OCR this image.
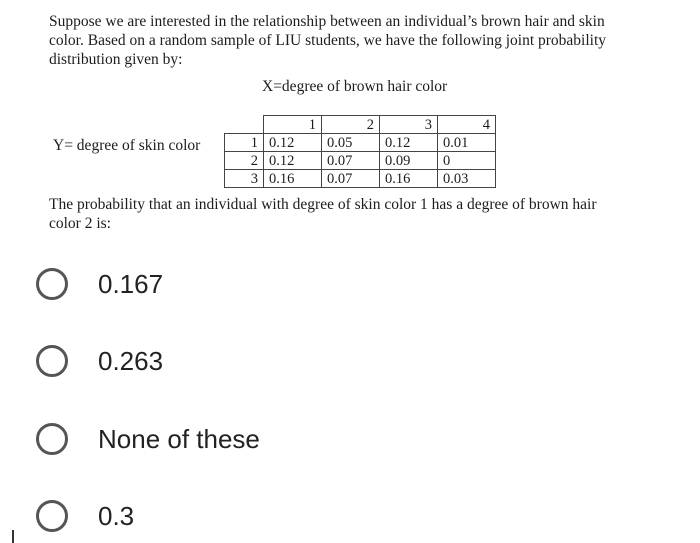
Suppose we are interested in the relationship between an individual’s brown hair and skin color. Based on a random sample of LIU students, we have the following joint probability distribution given by:

X=degree of brown hair color
Y= degree of skin color
	1	2	3	4
1	0.12	0.05	0.12	0.01
2	0.12	0.07	0.09	0
3	0.16	0.07	0.16	0.03

The probability that an individual with degree of skin color 1 has a degree of brown hair color 2 is:

0.167
0.263
None of these
0.3
